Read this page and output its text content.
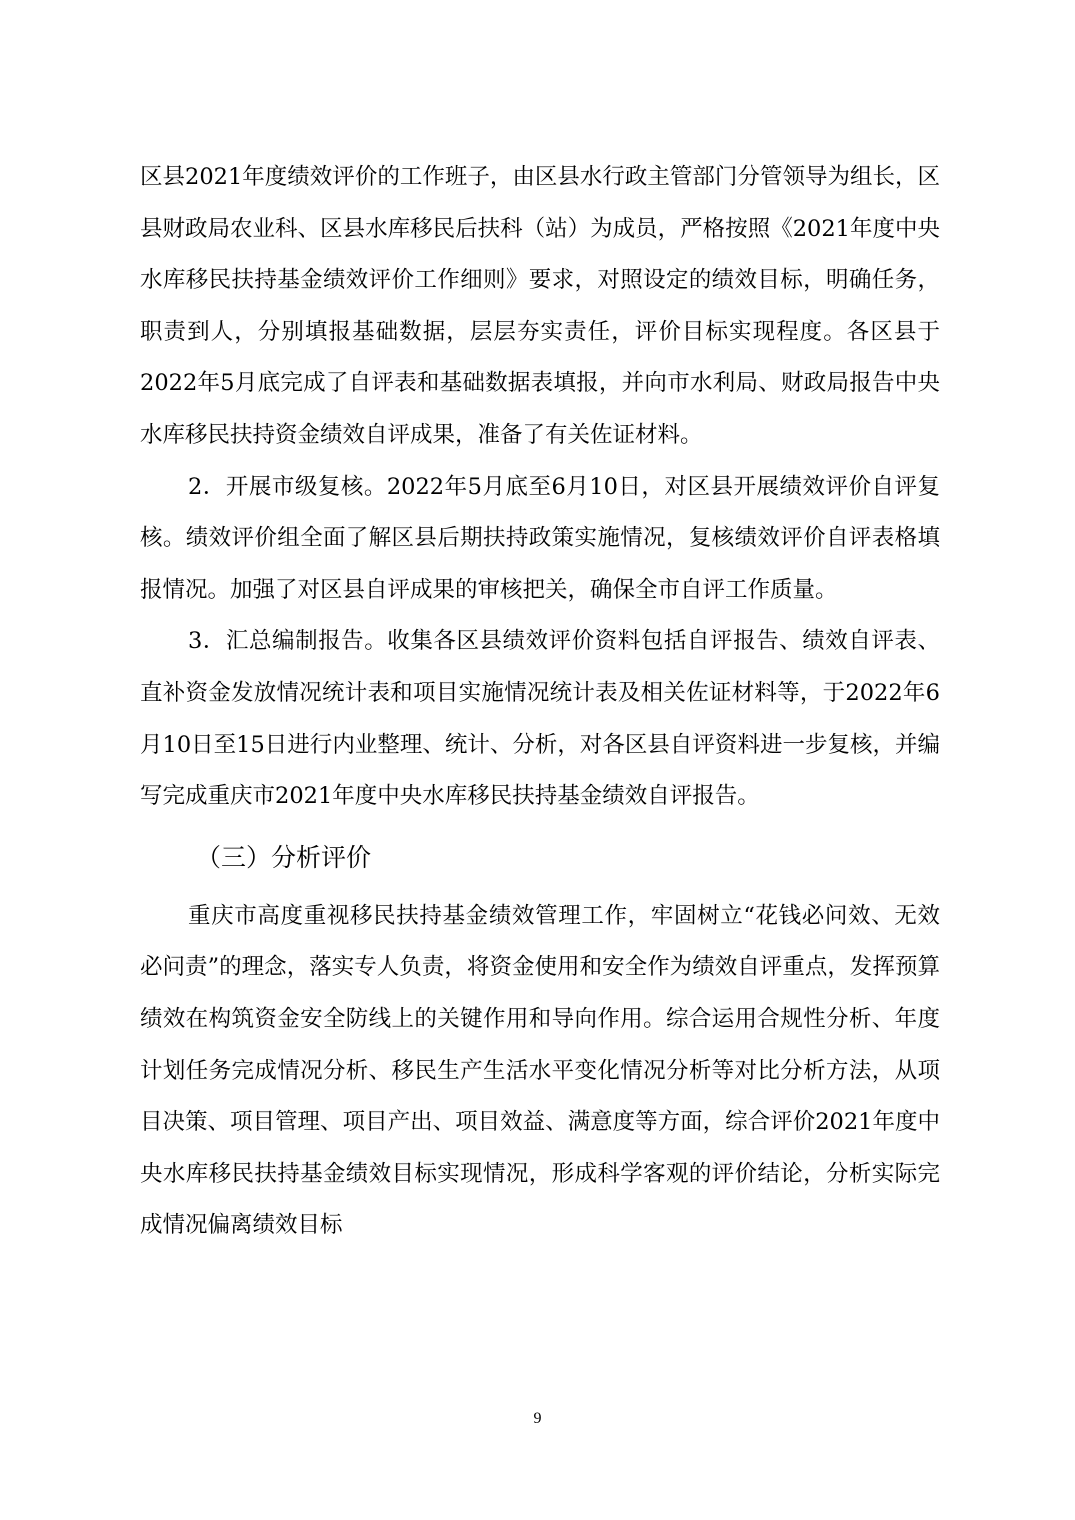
区县2021年度绩效评价的工作班子，由区县水行政主管部门分管领导为组长，区县财政局农业科、区县水库移民后扶科（站）为成员，严格按照《2021年度中央水库移民扶持基金绩效评价工作细则》要求，对照设定的绩效目标，明确任务，职责到人，分别填报基础数据，层层夯实责任，评价目标实现程度。各区县于2022年5月底完成了自评表和基础数据表填报，并向市水利局、财政局报告中央水库移民扶持资金绩效自评成果，准备了有关佐证材料。

2．开展市级复核。2022年5月底至6月10日，对区县开展绩效评价自评复核。绩效评价组全面了解区县后期扶持政策实施情况，复核绩效评价自评表格填报情况。加强了对区县自评成果的审核把关，确保全市自评工作质量。

3．汇总编制报告。收集各区县绩效评价资料包括自评报告、绩效自评表、直补资金发放情况统计表和项目实施情况统计表及相关佐证材料等，于2022年6月10日至15日进行内业整理、统计、分析，对各区县自评资料进一步复核，并编写完成重庆市2021年度中央水库移民扶持基金绩效自评报告。

（三）分析评价

重庆市高度重视移民扶持基金绩效管理工作，牢固树立“花钱必问效、无效必问责”的理念，落实专人负责，将资金使用和安全作为绩效自评重点，发挥预算绩效在构筑资金安全防线上的关键作用和导向作用。综合运用合规性分析、年度计划任务完成情况分析、移民生产生活水平变化情况分析等对比分析方法，从项目决策、项目管理、项目产出、项目效益、满意度等方面，综合评价2021年度中央水库移民扶持基金绩效目标实现情况，形成科学客观的评价结论，分析实际完成情况偏离绩效目标

9
